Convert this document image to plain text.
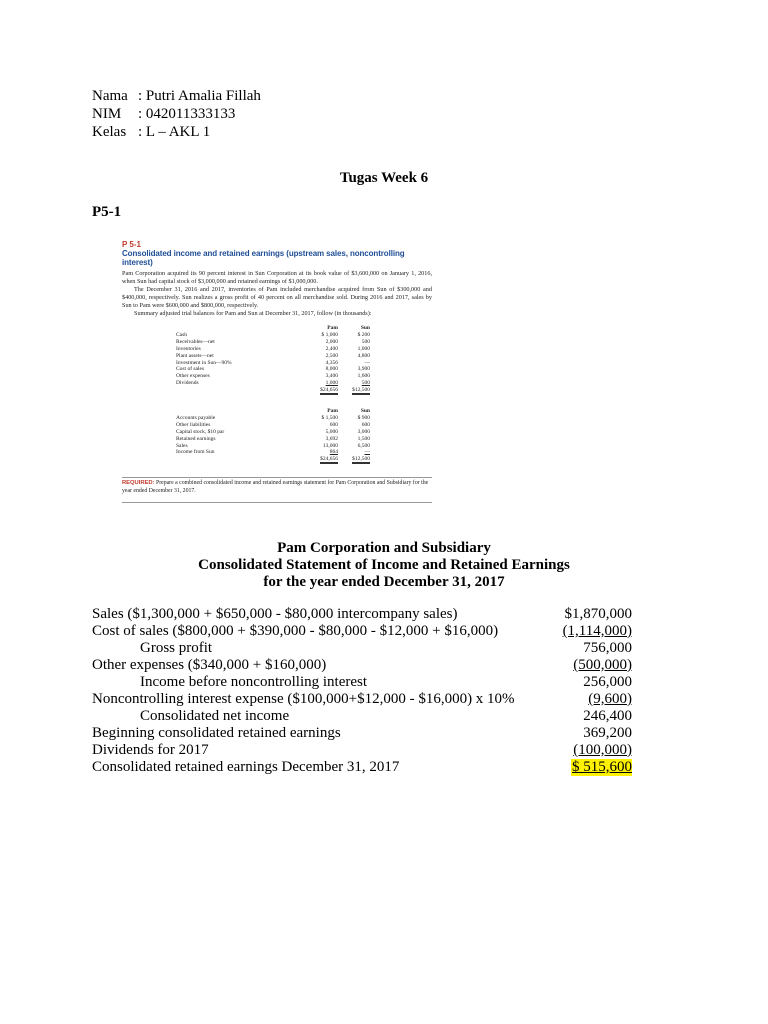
Nama : Putri Amalia Fillah
NIM	: 042011333133
Kelas : L – AKL 1
Tugas Week 6
P5-1
P 5-1
Consolidated income and retained earnings (upstream sales, noncontrolling interest)

Pam Corporation acquired its 90 percent interest in Sun Corporation at its book value of $3,600,000 on January 1, 2016, when Sun had capital stock of $3,000,000 and retained earnings of $1,000,000.

The December 31, 2016 and 2017, inventories of Pam included merchandise acquired from Sun of $300,000 and $400,000, respectively. Sun realizes a gross profit of 40 percent on all merchandise sold. During 2016 and 2017, sales by Sun to Pam were $600,000 and $800,000, respectively.

Summary adjusted trial balances for Pam and Sun at December 31, 2017, follow (in thousands):

Pam	Sun
Cash	$ 1,000	$ 200
Receivables—net	2,000	500
Inventories	2,400	1,000
Plant assets—net	2,500	4,800
Investment in Sun—90%	4,356	—
Cost of sales	8,000	3,900
Other expenses	3,400	1,600
Dividends	1,000	500
$24,656	$12,500
Pam	Sun
Accounts payable	$ 1,500	$ 900
Other liabilities	600	600
Capital stock, $10 par	5,000	3,000
Retained earnings	3,692	1,500
Sales	13,000	6,500
Income from Sun	864	—
$24,656	$12,500
REQUIRED: Prepare a combined consolidated income and retained earnings statement for Pam Corporation and Subsidiary for the year ended December 31, 2017.
Pam Corporation and Subsidiary
Consolidated Statement of Income and Retained Earnings
for the year ended December 31, 2017
Sales ($1,300,000 + $650,000 - $80,000 intercompany sales)	$1,870,000
Cost of sales ($800,000 + $390,000 - $80,000 - $12,000 + $16,000)	(1,114,000)
Gross profit	756,000
Other expenses ($340,000 + $160,000)	(500,000)
Income before noncontrolling interest	256,000
Noncontrolling interest expense ($100,000+$12,000 - $16,000) x 10%	(9,600)
Consolidated net income	246,400
Beginning consolidated retained earnings	369,200
Dividends for 2017	(100,000)
Consolidated retained earnings December 31, 2017	$ 515,600
